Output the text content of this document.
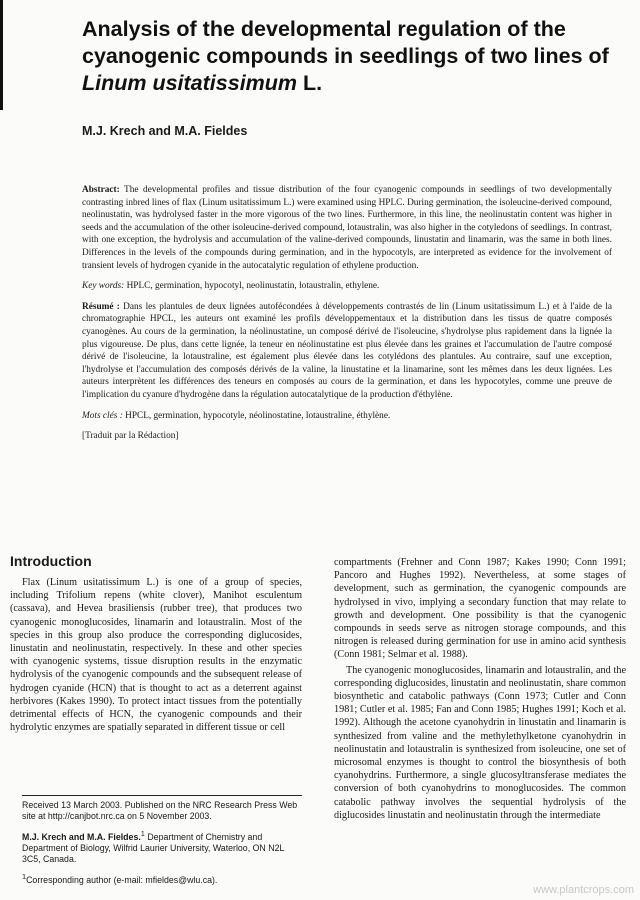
Analysis of the developmental regulation of the cyanogenic compounds in seedlings of two lines of Linum usitatissimum L.

M.J. Krech and M.A. Fieldes

Abstract: The developmental profiles and tissue distribution of the four cyanogenic compounds in seedlings of two developmentally contrasting inbred lines of flax (Linum usitatissimum L.) were examined using HPLC. During germination, the isoleucine-derived compound, neolinustatin, was hydrolysed faster in the more vigorous of the two lines. Furthermore, in this line, the neolinustatin content was higher in seeds and the accumulation of the other isoleucine-derived compound, lotaustralin, was also higher in the cotyledons of seedlings. In contrast, with one exception, the hydrolysis and accumulation of the valine-derived compounds, linustatin and linamarin, was the same in both lines. Differences in the levels of the compounds during germination, and in the hypocotyls, are interpreted as evidence for the involvement of transient levels of hydrogen cyanide in the autocatalytic regulation of ethylene production.

Key words: HPLC, germination, hypocotyl, neolinustatin, lotaustralin, ethylene.

Résumé : Dans les plantules de deux lignées autofécondées à développements contrastés de lin (Linum usitatissimum L.) et à l'aide de la chromatographie HPCL, les auteurs ont examiné les profils développementaux et la distribution dans les tissus de quatre composés cyanogènes. Au cours de la germination, la néolinustatine, un composé dérivé de l'isoleucine, s'hydrolyse plus rapidement dans la lignée la plus vigoureuse. De plus, dans cette lignée, la teneur en néolinustatine est plus élevée dans les graines et l'accumulation de l'autre composé dérivé de l'isoleucine, la lotaustraline, est également plus élevée dans les cotylédons des plantules. Au contraire, sauf une exception, l'hydrolyse et l'accumulation des composés dérivés de la valine, la linustatine et la linamarine, sont les mêmes dans les deux lignées. Les auteurs interprètent les différences des teneurs en composés au cours de la germination, et dans les hypocotyles, comme une preuve de l'implication du cyanure d'hydrogène dans la régulation autocatalytique de la production d'éthylène.

Mots clés : HPCL, germination, hypocotyle, néolinostatine, lotaustraline, éthylène.

[Traduit par la Rédaction]

Introduction

Flax (Linum usitatissimum L.) is one of a group of species, including Trifolium repens (white clover), Manihot esculentum (cassava), and Hevea brasiliensis (rubber tree), that produces two cyanogenic monoglucosides, linamarin and lotaustralin. Most of the species in this group also produce the corresponding diglucosides, linustatin and neolinustatin, respectively. In these and other species with cyanogenic systems, tissue disruption results in the enzymatic hydrolysis of the cyanogenic compounds and the subsequent release of hydrogen cyanide (HCN) that is thought to act as a deterrent against herbivores (Kakes 1990). To protect intact tissues from the potentially detrimental effects of HCN, the cyanogenic compounds and their hydrolytic enzymes are spatially separated in different tissue or cell

compartments (Frehner and Conn 1987; Kakes 1990; Conn 1991; Pancoro and Hughes 1992). Nevertheless, at some stages of development, such as germination, the cyanogenic compounds are hydrolysed in vivo, implying a secondary function that may relate to growth and development. One possibility is that the cyanogenic compounds in seeds serve as nitrogen storage compounds, and this nitrogen is released during germination for use in amino acid synthesis (Conn 1981; Selmar et al. 1988).

The cyanogenic monoglucosides, linamarin and lotaustralin, and the corresponding diglucosides, linustatin and neolinustatin, share common biosynthetic and catabolic pathways (Conn 1973; Cutler and Conn 1981; Cutler et al. 1985; Fan and Conn 1985; Hughes 1991; Koch et al. 1992). Although the acetone cyanohydrin in linustatin and linamarin is synthesized from valine and the methylethylketone cyanohydrin in neolinustatin and lotaustralin is synthesized from isoleucine, one set of microsomal enzymes is thought to control the biosynthesis of both cyanohydrins. Furthermore, a single glucosyltransferase mediates the conversion of both cyanohydrins to monoglucosides. The common catabolic pathway involves the sequential hydrolysis of the diglucosides linustatin and neolinustatin through the intermediate

Received 13 March 2003. Published on the NRC Research Press Web site at http://canjbot.nrc.ca on 5 November 2003.

M.J. Krech and M.A. Fieldes.$^1$ Department of Chemistry and Department of Biology, Wilfrid Laurier University, Waterloo, ON N2L 3C5, Canada.

$^1$Corresponding author (e-mail: mfieldes@wlu.ca).

www.plantcrops.com
